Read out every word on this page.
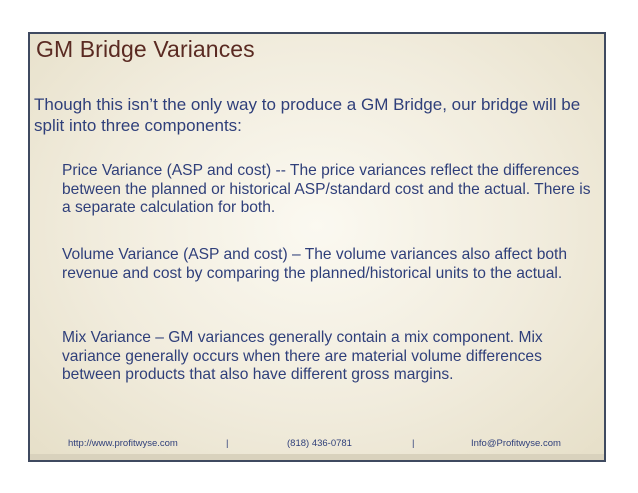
GM Bridge Variances

Though this isn’t the only way to produce a GM Bridge, our bridge will be split into three components:

Price Variance (ASP and cost) -- The price variances reflect the differences between the planned or historical ASP/standard cost and the actual. There is a separate calculation for both.

Volume Variance (ASP and cost) – The volume variances also affect both revenue and cost by comparing the planned/historical units to the actual.

Mix Variance – GM variances generally contain a mix component. Mix variance generally occurs when there are material volume differences between products that also have different gross margins.

http://www.profitwyse.com	|	(818) 436-0781	|	Info@Profitwyse.com
